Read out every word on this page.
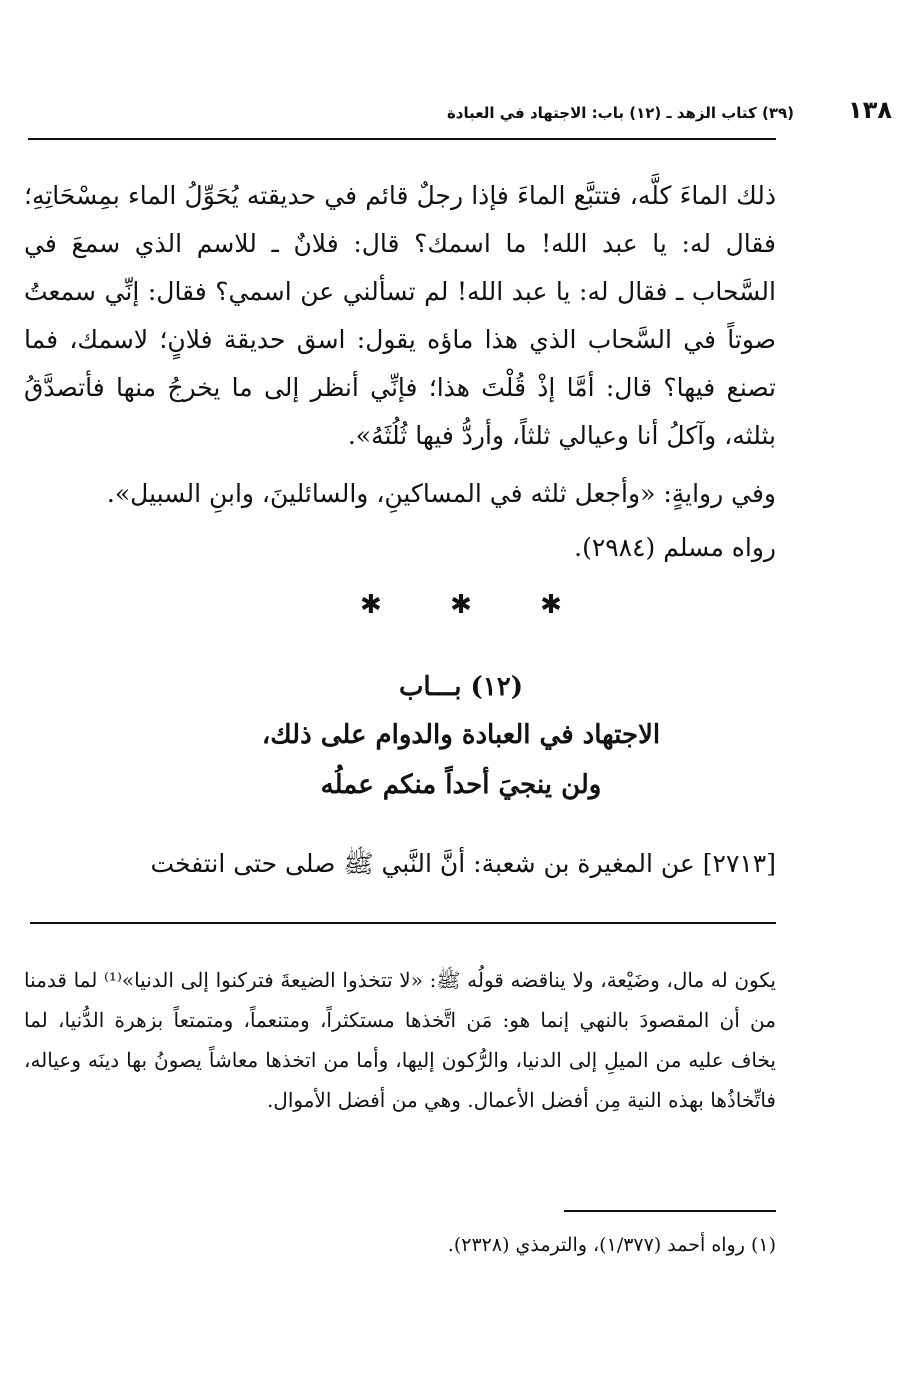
١٣٨
(٣٩) كتاب الزهد ـ (١٢) باب: الاجتهاد في العبادة

ذلك الماءَ كلَّه، فتتبَّع الماءَ فإذا رجلٌ قائم في حديقته يُحَوِّلُ الماء بمِسْحَاتِهِ؛ فقال له: يا عبد الله! ما اسمك؟ قال: فلانٌ ـ للاسم الذي سمعَ في السَّحاب ـ فقال له: يا عبد الله! لم تسألني عن اسمي؟ فقال: إنِّي سمعتُ صوتاً في السَّحاب الذي هذا ماؤه يقول: اسق حديقة فلانٍ؛ لاسمك، فما تصنع فيها؟ قال: أمَّا إذْ قُلْتَ هذا؛ فإنِّي أنظر إلى ما يخرجُ منها فأتصدَّقُ بثلثه، وآكلُ أنا وعيالي ثلثاً، وأردُّ فيها ثُلُثَهُ».

وفي روايةٍ: «وأجعل ثلثه في المساكينِ، والسائلينَ، وابنِ السبيل».

رواه مسلم (٢٩٨٤).

✱	✱	✱
(١٢) بـــاب
الاجتهاد في العبادة والدوام على ذلك،
ولن ينجيَ أحداً منكم عملُه
[٢٧١٣] عن المغيرة بن شعبة: أنَّ النَّبي ﷺ صلى حتى انتفخت

يكون له مال، وضَيْعة، ولا يناقضه قولُه ﷺ: «لا تتخذوا الضيعةَ فتركنوا إلى الدنيا»⁽¹⁾ لما قدمنا من أن المقصودَ بالنهي إنما هو: مَن اتَّخذها مستكثراً، ومتنعماً، ومتمتعاً بزهرة الدُّنيا، لما يخاف عليه من الميلِ إلى الدنيا، والرُّكون إليها، وأما من اتخذها معاشاً يصونُ بها دينَه وعياله، فاتِّخاذُها بهذه النية مِن أفضل الأعمال. وهي من أفضل الأموال.

(١) رواه أحمد (١/٣٧٧)، والترمذي (٢٣٢٨).
